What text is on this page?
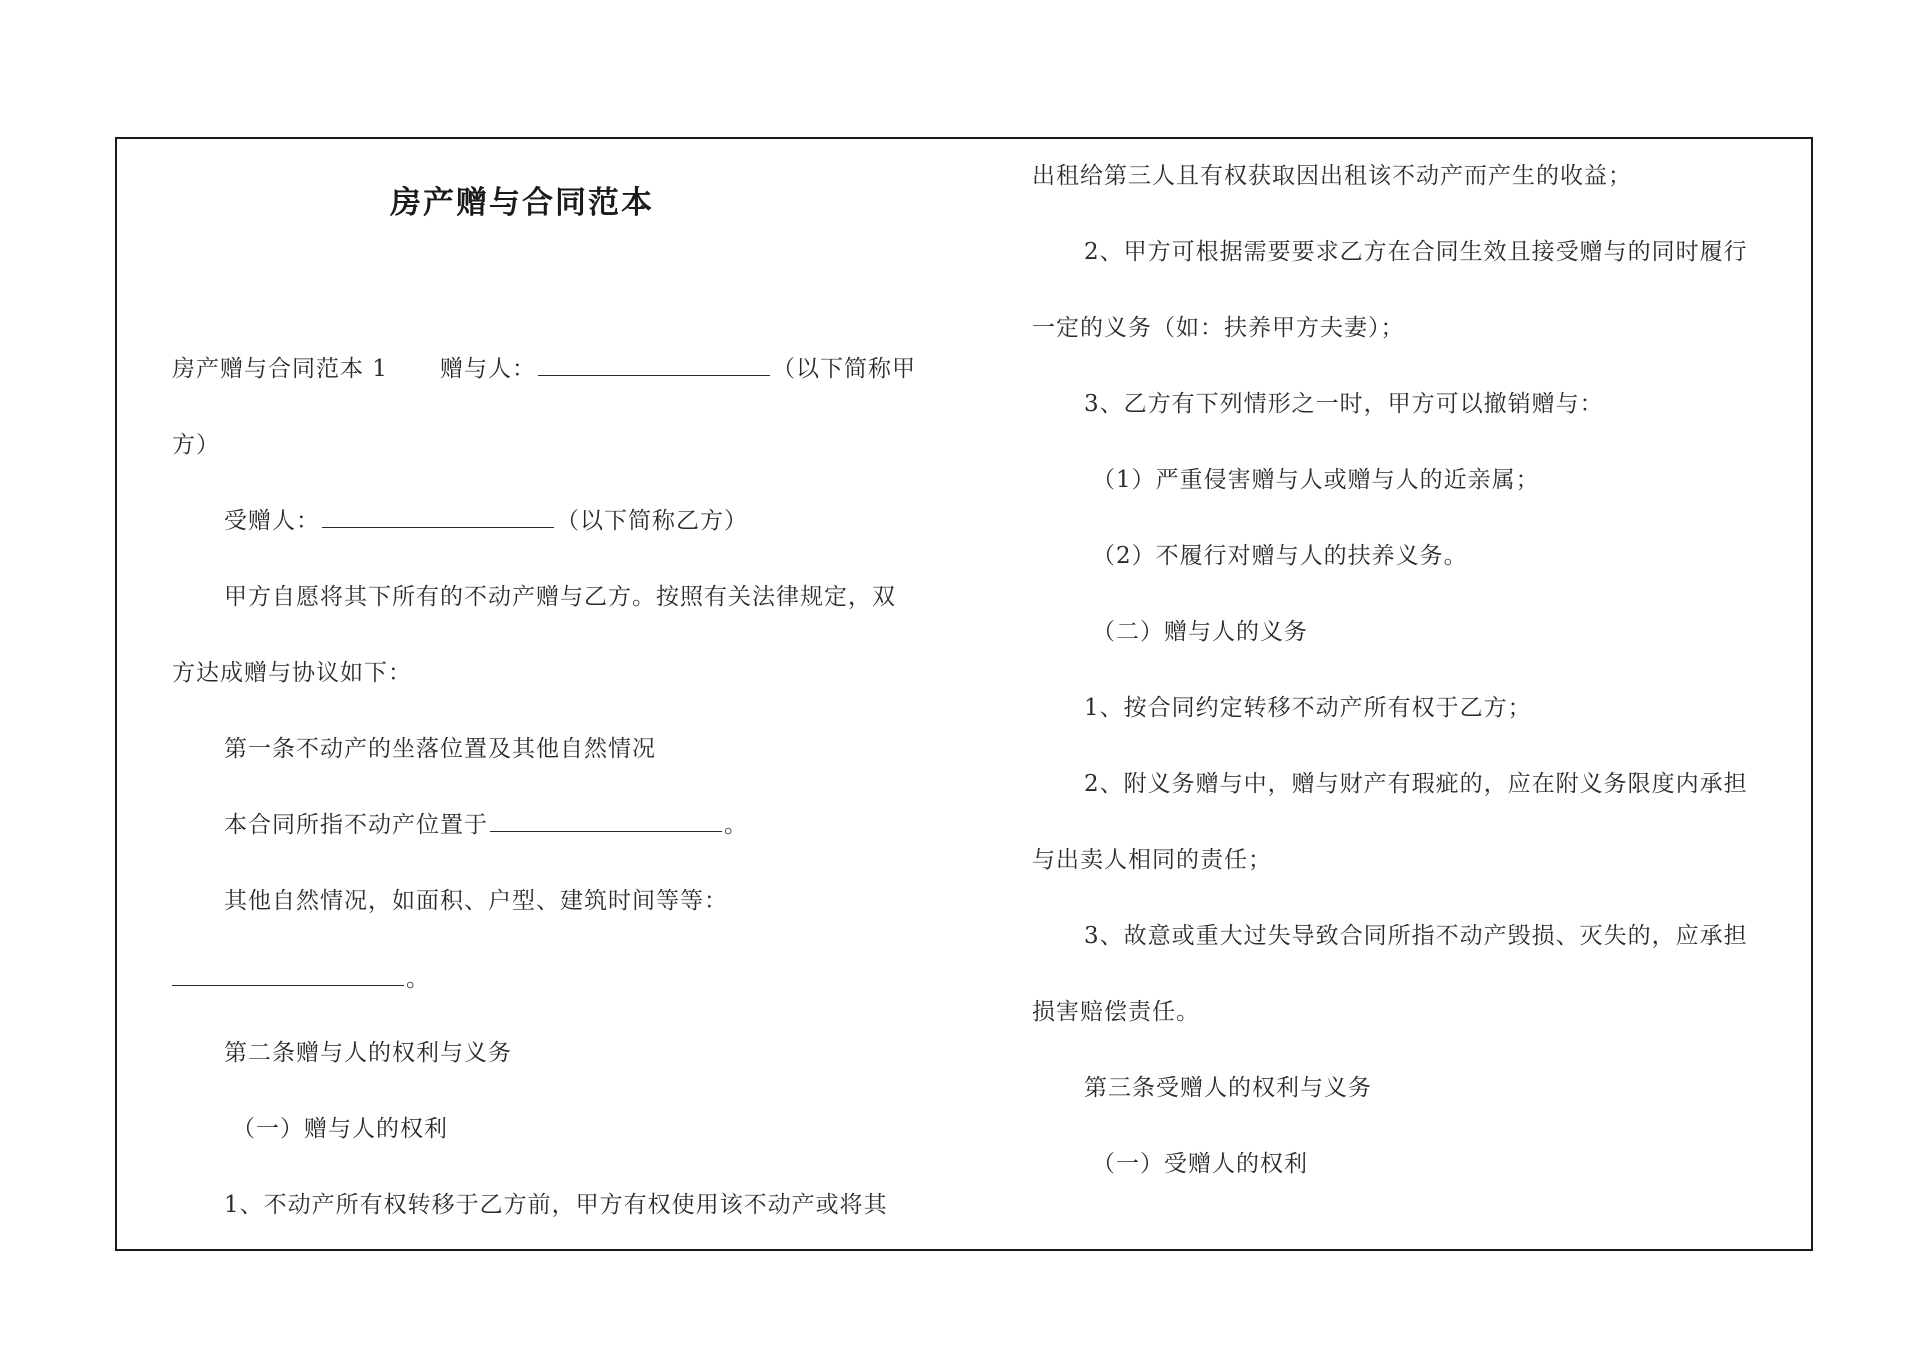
房产赠与合同范本
房产赠与合同范本 1 赠与人：	（以下简称甲
方）
受赠人：	（以下简称乙方）
甲方自愿将其下所有的不动产赠与乙方。按照有关法律规定，双
方达成赠与协议如下：
第一条不动产的坐落位置及其他自然情况
本合同所指不动产位置于	。
其他自然情况，如面积、户型、建筑时间等等：
。
第二条赠与人的权利与义务
（一）赠与人的权利
1、不动产所有权转移于乙方前，甲方有权使用该不动产或将其
出租给第三人且有权获取因出租该不动产而产生的收益；
2、甲方可根据需要要求乙方在合同生效且接受赠与的同时履行
一定的义务（如：扶养甲方夫妻）；
3、乙方有下列情形之一时，甲方可以撤销赠与：
（1）严重侵害赠与人或赠与人的近亲属；
（2）不履行对赠与人的扶养义务。
（二）赠与人的义务
1、按合同约定转移不动产所有权于乙方；
2、附义务赠与中，赠与财产有瑕疵的，应在附义务限度内承担
与出卖人相同的责任；
3、故意或重大过失导致合同所指不动产毁损、灭失的，应承担
损害赔偿责任。
第三条受赠人的权利与义务
（一）受赠人的权利
